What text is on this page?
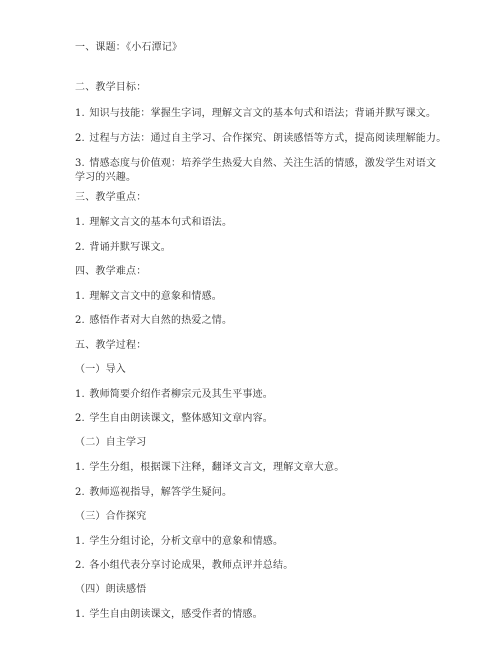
一、课题：《小石潭记》
二、教学目标：
1. 知识与技能：掌握生字词，理解文言文的基本句式和语法；背诵并默写课文。
2. 过程与方法：通过自主学习、合作探究、朗读感悟等方式，提高阅读理解能力。
3. 情感态度与价值观：培养学生热爱大自然、关注生活的情感，激发学生对语文
学习的兴趣。
三、教学重点：
1. 理解文言文的基本句式和语法。
2. 背诵并默写课文。
四、教学难点：
1. 理解文言文中的意象和情感。
2. 感悟作者对大自然的热爱之情。
五、教学过程：
（一）导入
1. 教师简要介绍作者柳宗元及其生平事迹。
2. 学生自由朗读课文，整体感知文章内容。
（二）自主学习
1. 学生分组，根据课下注释，翻译文言文，理解文章大意。
2. 教师巡视指导，解答学生疑问。
（三）合作探究
1. 学生分组讨论，分析文章中的意象和情感。
2. 各小组代表分享讨论成果，教师点评并总结。
（四）朗读感悟
1. 学生自由朗读课文，感受作者的情感。
